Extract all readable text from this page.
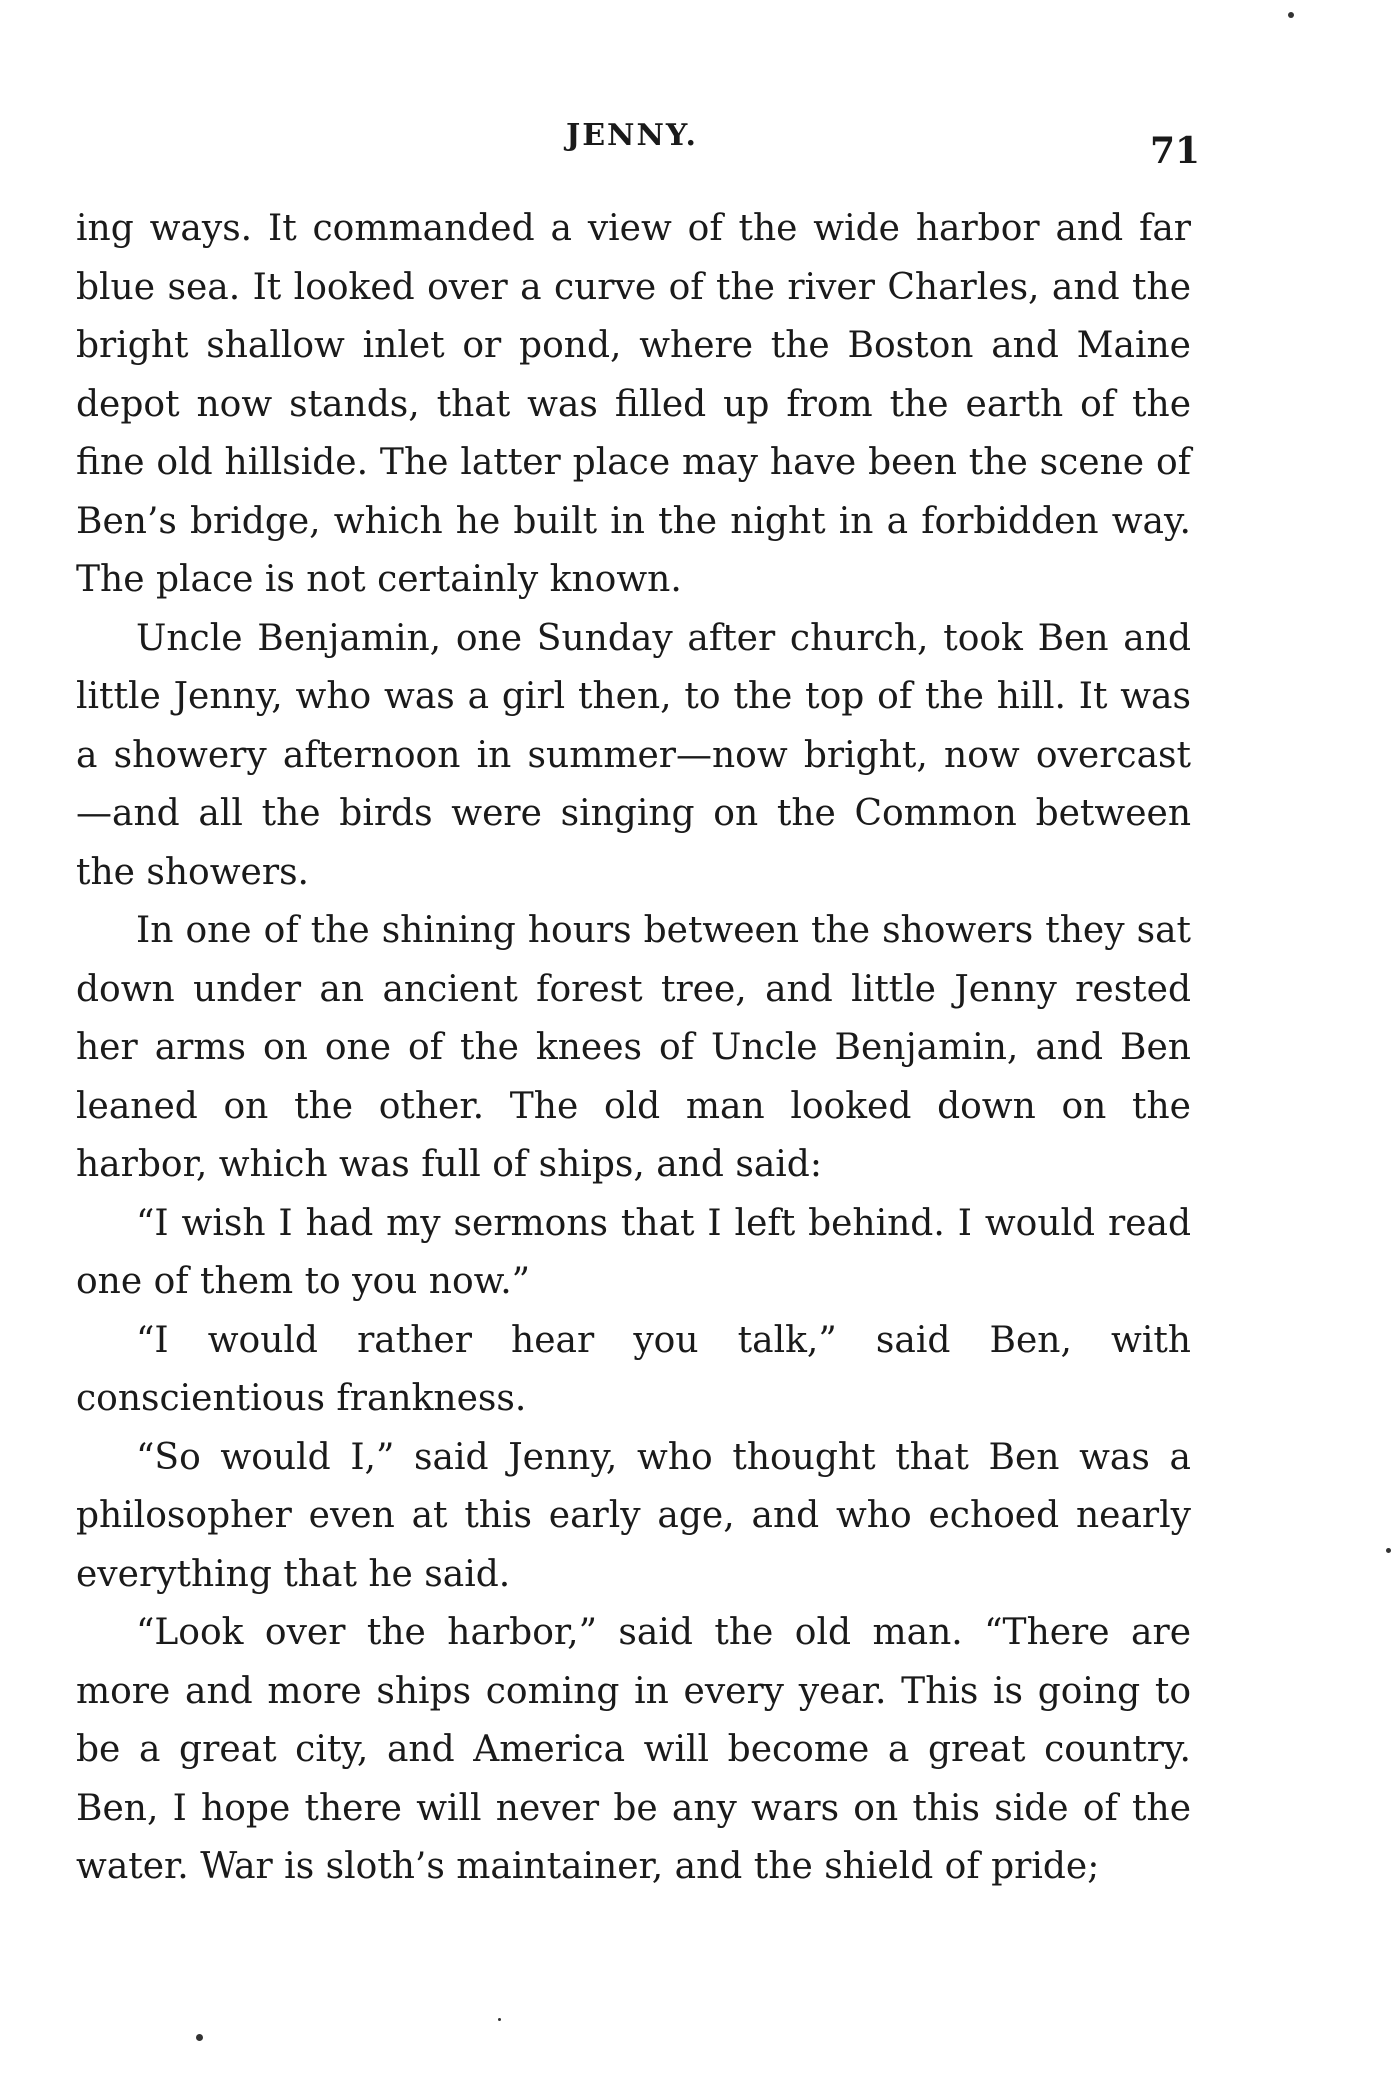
JENNY.	71

ing ways. It commanded a view of the wide harbor and far blue sea. It looked over a curve of the river Charles, and the bright shallow inlet or pond, where the Boston and Maine depot now stands, that was filled up from the earth of the fine old hillside. The latter place may have been the scene of Ben’s bridge, which he built in the night in a forbidden way. The place is not certainly known.

Uncle Benjamin, one Sunday after church, took Ben and little Jenny, who was a girl then, to the top of the hill. It was a showery afternoon in summer—now bright, now overcast—and all the birds were singing on the Common between the showers.

In one of the shining hours between the showers they sat down under an ancient forest tree, and little Jenny rested her arms on one of the knees of Uncle Benjamin, and Ben leaned on the other. The old man looked down on the harbor, which was full of ships, and said:

“I wish I had my sermons that I left behind. I would read one of them to you now.”

“I would rather hear you talk,” said Ben, with conscientious frankness.

“So would I,” said Jenny, who thought that Ben was a philosopher even at this early age, and who echoed nearly everything that he said.

“Look over the harbor,” said the old man. “There are more and more ships coming in every year. This is going to be a great city, and America will become a great country. Ben, I hope there will never be any wars on this side of the water. War is sloth’s maintainer, and the shield of pride;
